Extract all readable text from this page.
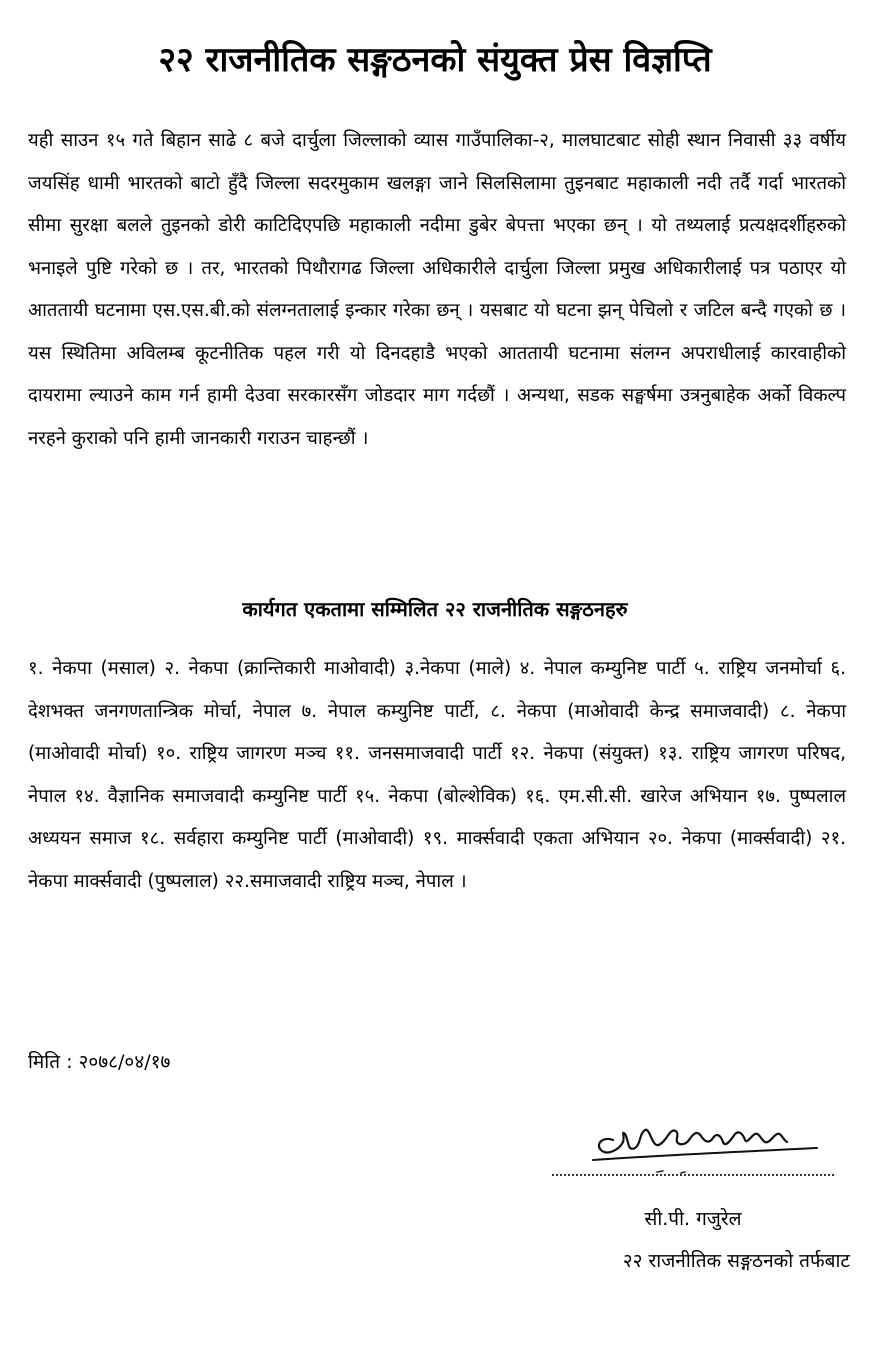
२२ राजनीतिक सङ्गठनको संयुक्त प्रेस विज्ञप्ति

यही साउन १५ गते बिहान साढे ८ बजे दार्चुला जिल्लाको व्यास गाउँपालिका-२, मालघाटबाट सोही स्थान निवासी ३३ वर्षीय जयसिंह धामी भारतको बाटो हुँदै जिल्ला सदरमुकाम खलङ्गा जाने सिलसिलामा तुइनबाट महाकाली नदी तर्दै गर्दा भारतको सीमा सुरक्षा बलले तुइनको डोरी काटिदिएपछि महाकाली नदीमा डुबेर बेपत्ता भएका छन् । यो तथ्यलाई प्रत्यक्षदर्शीहरुको भनाइले पुष्टि गरेको छ । तर, भारतको पिथौरागढ जिल्ला अधिकारीले दार्चुला जिल्ला प्रमुख अधिकारीलाई पत्र पठाएर यो आततायी घटनामा एस.एस.बी.को संलग्नतालाई इन्कार गरेका छन् । यसबाट यो घटना झन् पेचिलो र जटिल बन्दै गएको छ । यस स्थितिमा अविलम्ब कूटनीतिक पहल गरी यो दिनदहाडै भएको आततायी घटनामा संलग्न अपराधीलाई कारवाहीको दायरामा ल्याउने काम गर्न हामी देउवा सरकारसँग जोडदार माग गर्दछौं । अन्यथा, सडक सङ्घर्षमा उत्रनुबाहेक अर्को विकल्प नरहने कुराको पनि हामी जानकारी गराउन चाहन्छौं ।

कार्यगत एकतामा सम्मिलित २२ राजनीतिक सङ्गठनहरु

१. नेकपा (मसाल) २. नेकपा (क्रान्तिकारी माओवादी) ३.नेकपा (माले) ४. नेपाल कम्युनिष्ट पार्टी ५. राष्ट्रिय जनमोर्चा ६. देशभक्त जनगणतान्त्रिक मोर्चा, नेपाल ७. नेपाल कम्युनिष्ट पार्टी, ८. नेकपा (माओवादी केन्द्र समाजवादी) ८. नेकपा (माओवादी मोर्चा) १०. राष्ट्रिय जागरण मञ्च ११. जनसमाजवादी पार्टी १२. नेकपा (संयुक्त) १३. राष्ट्रिय जागरण परिषद, नेपाल १४. वैज्ञानिक समाजवादी कम्युनिष्ट पार्टी १५. नेकपा (बोल्शेविक) १६. एम.सी.सी. खारेज अभियान १७. पुष्पलाल अध्ययन समाज १८. सर्वहारा कम्युनिष्ट पार्टी (माओवादी) १९. मार्क्सवादी एकता अभियान २०. नेकपा (मार्क्सवादी) २१. नेकपा मार्क्सवादी (पुष्पलाल) २२.समाजवादी राष्ट्रिय मञ्च, नेपाल ।

मिति : २०७८/०४/१७
सी.पी. गजुरेल
२२ राजनीतिक सङ्गठनको तर्फबाट
